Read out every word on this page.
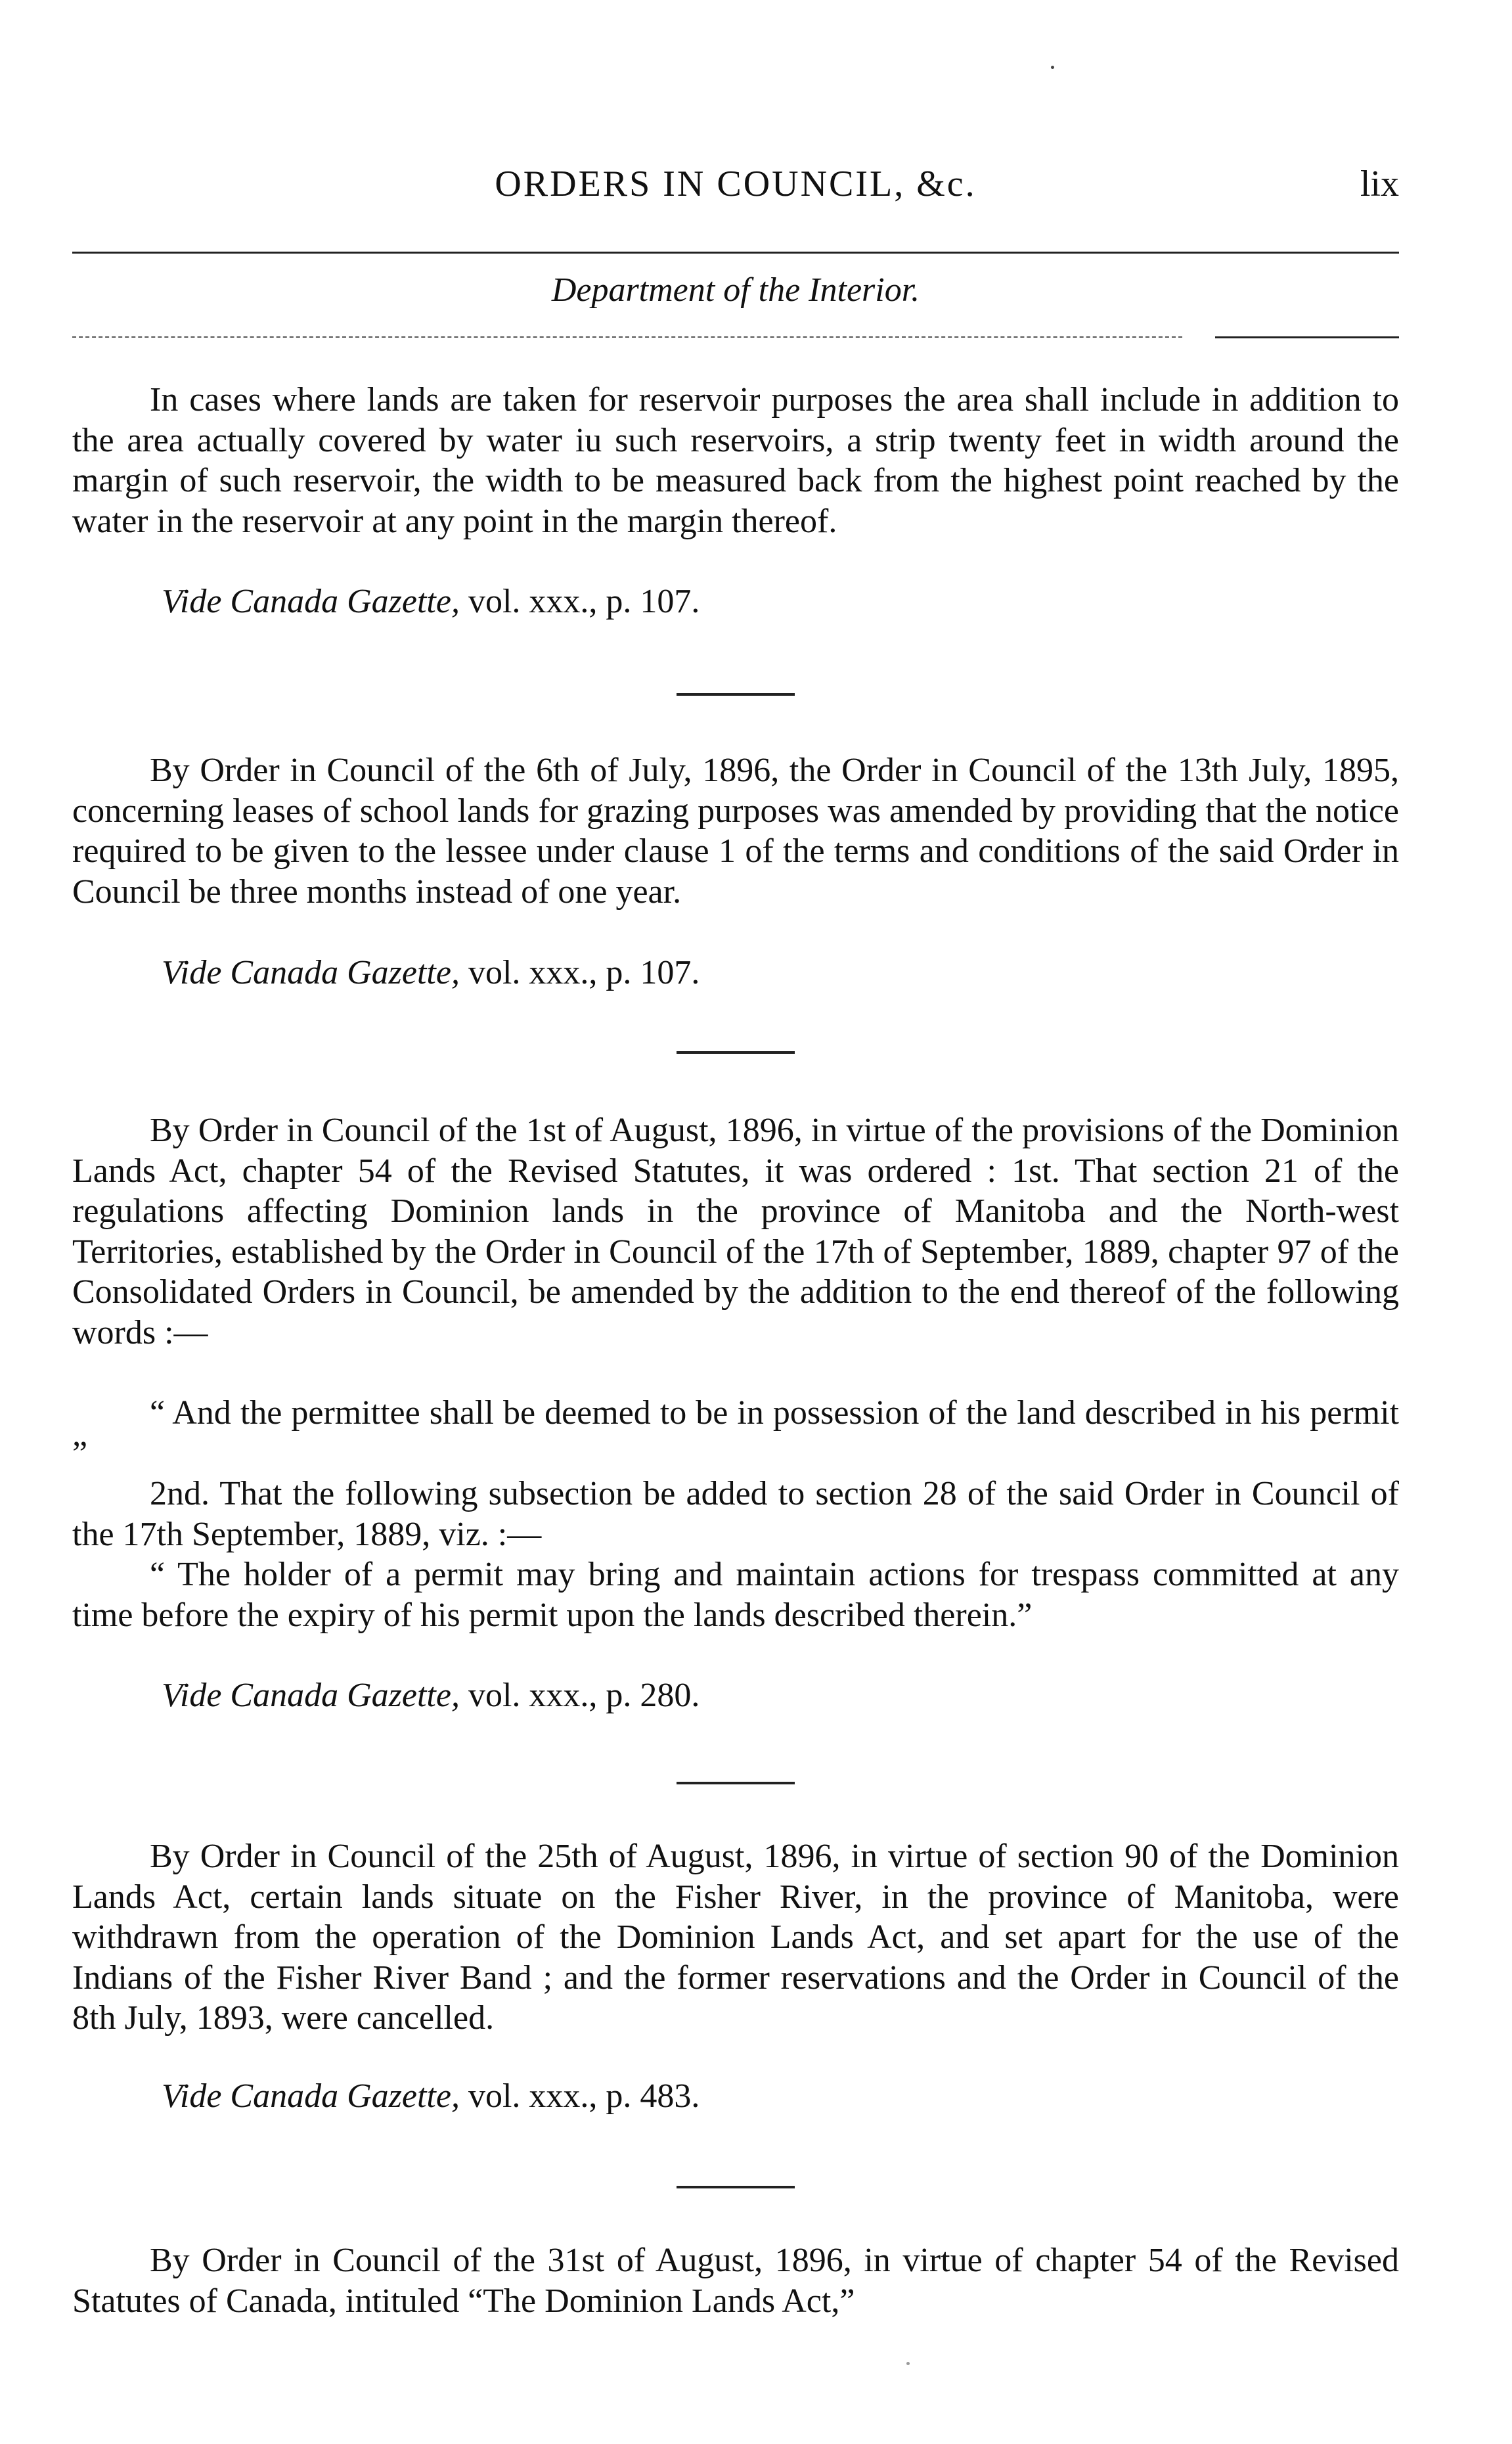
ORDERS IN COUNCIL, &c.	lix
Department of the Interior.

In cases where lands are taken for reservoir purposes the area shall include in addition to the area actually covered by water iu such reservoirs, a strip twenty feet in width around the margin of such reservoir, the width to be measured back from the highest point reached by the water in the reservoir at any point in the margin thereof.

Vide Canada Gazette, vol. xxx., p. 107.

By Order in Council of the 6th of July, 1896, the Order in Council of the 13th July, 1895, concerning leases of school lands for grazing purposes was amended by providing that the notice required to be given to the lessee under clause 1 of the terms and conditions of the said Order in Council be three months instead of one year.

Vide Canada Gazette, vol. xxx., p. 107.

By Order in Council of the 1st of August, 1896, in virtue of the provisions of the Dominion Lands Act, chapter 54 of the Revised Statutes, it was ordered : 1st. That section 21 of the regulations affecting Dominion lands in the province of Manitoba and the North-west Territories, established by the Order in Council of the 17th of September, 1889, chapter 97 of the Consolidated Orders in Council, be amended by the addition to the end thereof of the following words :—

“ And the permittee shall be deemed to be in possession of the land described in his permit ”

2nd. That the following subsection be added to section 28 of the said Order in Council of the 17th September, 1889, viz. :—

“ The holder of a permit may bring and maintain actions for trespass committed at any time before the expiry of his permit upon the lands described therein.”

Vide Canada Gazette, vol. xxx., p. 280.

By Order in Council of the 25th of August, 1896, in virtue of section 90 of the Dominion Lands Act, certain lands situate on the Fisher River, in the province of Manitoba, were withdrawn from the operation of the Dominion Lands Act, and set apart for the use of the Indians of the Fisher River Band ; and the former reservations and the Order in Council of the 8th July, 1893, were cancelled.

Vide Canada Gazette, vol. xxx., p. 483.

By Order in Council of the 31st of August, 1896, in virtue of chapter 54 of the Revised Statutes of Canada, intituled “The Dominion Lands Act,”
